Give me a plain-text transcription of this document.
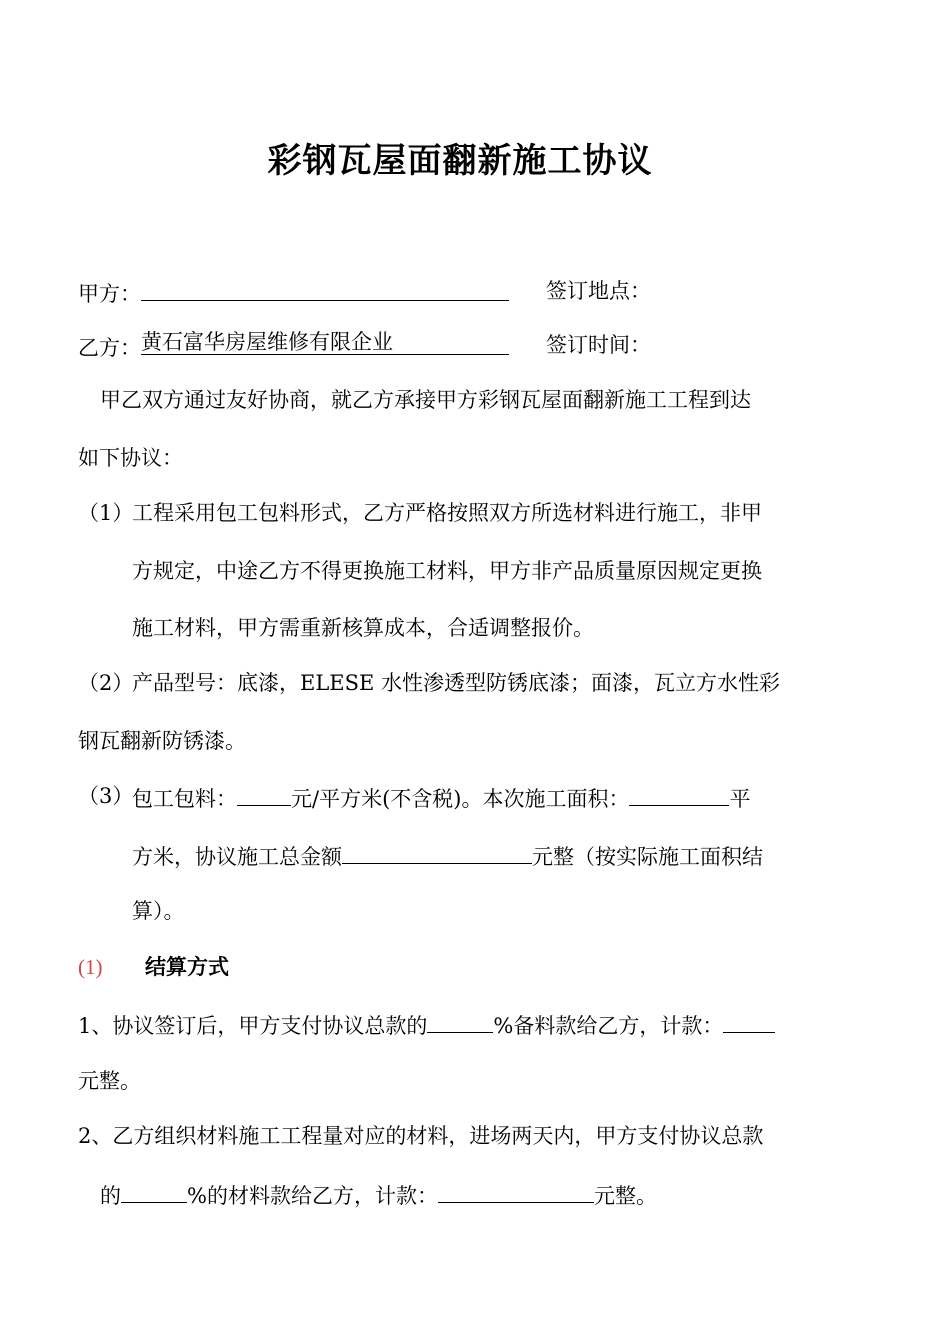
彩钢瓦屋面翻新施工协议
甲方：	签订地点：
乙方： 黄石富华房屋维修有限企业	签订时间：
甲乙双方通过友好协商，就乙方承接甲方彩钢瓦屋面翻新施工工程到达
如下协议：
（1）
工程采用包工包料形式，乙方严格按照双方所选材料进行施工，非甲
方规定，中途乙方不得更换施工材料，甲方非产品质量原因规定更换
施工材料，甲方需重新核算成本，合适调整报价。
（2）
产品型号：底漆，ELESE 水性渗透型防锈底漆；面漆，瓦立方水性彩
钢瓦翻新防锈漆。
（3）
包工包料：	元/平方米(不含税)。本次施工面积：	平
方米，协议施工总金额	元整（按实际施工面积结
算）。
(1) 结算方式
1、协议签订后，甲方支付协议总款的	%备料款给乙方，计款：
元整。
2、乙方组织材料施工工程量对应的材料，进场两天内，甲方支付协议总款
的	%的材料款给乙方，计款：	元整。
